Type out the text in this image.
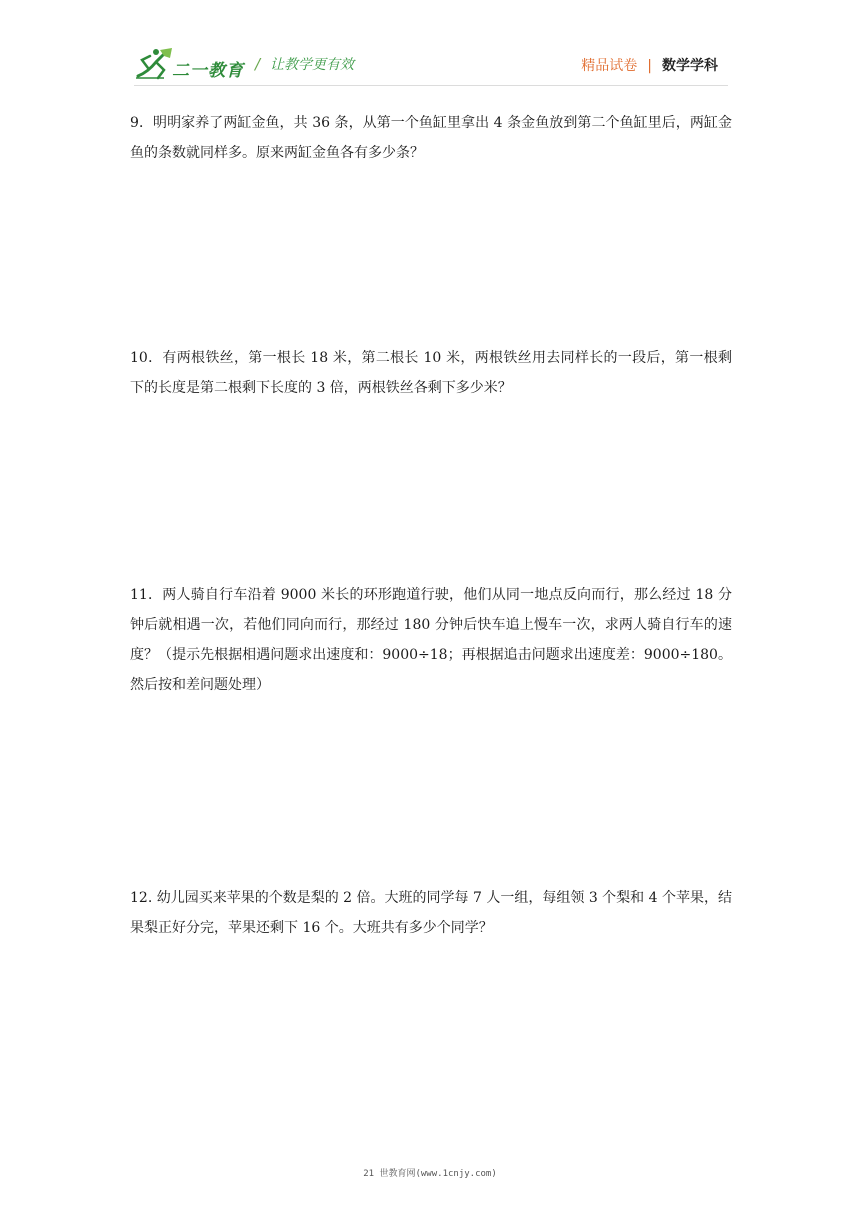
二一教育 / 让教学更有效	精品试卷 | 数学学科
9．明明家养了两缸金鱼，共 36 条，从第一个鱼缸里拿出 4 条金鱼放到第二个鱼缸里后，两缸金鱼的条数就同样多。原来两缸金鱼各有多少条？
10．有两根铁丝，第一根长 18 米，第二根长 10 米，两根铁丝用去同样长的一段后，第一根剩下的长度是第二根剩下长度的 3 倍，两根铁丝各剩下多少米？
11．两人骑自行车沿着 9000 米长的环形跑道行驶，他们从同一地点反向而行，那么经过 18 分钟后就相遇一次，若他们同向而行，那经过 180 分钟后快车追上慢车一次，求两人骑自行车的速度？（提示先根据相遇问题求出速度和：9000÷18；再根据追击问题求出速度差：9000÷180。然后按和差问题处理）
12. 幼儿园买来苹果的个数是梨的 2 倍。大班的同学每 7 人一组，每组领 3 个梨和 4 个苹果，结果梨正好分完，苹果还剩下 16 个。大班共有多少个同学？
21 世教育网(www.1cnjy.com)
